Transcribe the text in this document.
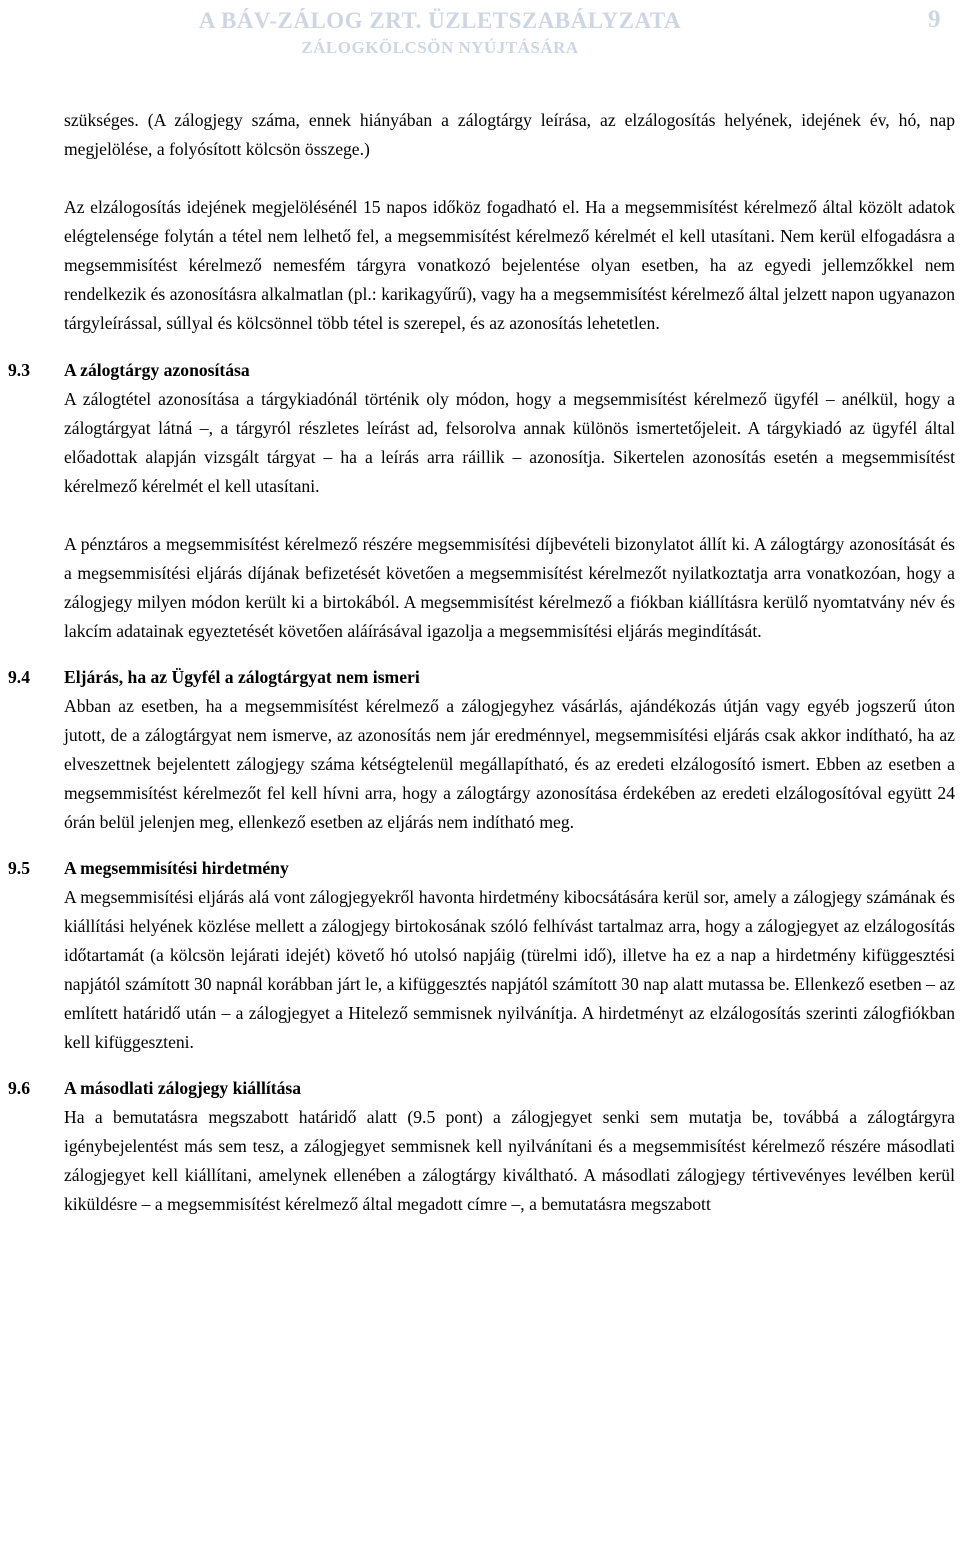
A BÁV-ZÁLOG ZRT. ÜZLETSZABÁLYZATA
ZÁLOGKÖLCSÖN NYÚJTÁSÁRA
9

szükséges. (A zálogjegy száma, ennek hiányában a zálogtárgy leírása, az elzálogosítás helyének, idejének év, hó, nap megjelölése, a folyósított kölcsön összege.)

Az elzálogosítás idejének megjelölésénél 15 napos időköz fogadható el. Ha a megsemmisítést kérelmező által közölt adatok elégtelensége folytán a tétel nem lelhető fel, a megsemmisítést kérelmező kérelmét el kell utasítani. Nem kerül elfogadásra a megsemmisítést kérelmező nemesfém tárgyra vonatkozó bejelentése olyan esetben, ha az egyedi jellemzőkkel nem rendelkezik és azonosításra alkalmatlan (pl.: karikagyűrű), vagy ha a megsemmisítést kérelmező által jelzett napon ugyanazon tárgyleírással, súllyal és kölcsönnel több tétel is szerepel, és az azonosítás lehetetlen.

9.3 A zálogtárgy azonosítása

A zálogtétel azonosítása a tárgykiadónál történik oly módon, hogy a megsemmisítést kérelmező ügyfél – anélkül, hogy a zálogtárgyat látná –, a tárgyról részletes leírást ad, felsorolva annak különös ismertetőjeleit. A tárgykiadó az ügyfél által előadottak alapján vizsgált tárgyat – ha a leírás arra ráillik – azonosítja. Sikertelen azonosítás esetén a megsemmisítést kérelmező kérelmét el kell utasítani.

A pénztáros a megsemmisítést kérelmező részére megsemmisítési díjbevételi bizonylatot állít ki. A zálogtárgy azonosítását és a megsemmisítési eljárás díjának befizetését követően a megsemmisítést kérelmezőt nyilatkoztatja arra vonatkozóan, hogy a zálogjegy milyen módon került ki a birtokából. A megsemmisítést kérelmező a fiókban kiállításra kerülő nyomtatvány név és lakcím adatainak egyeztetését követően aláírásával igazolja a megsemmisítési eljárás megindítását.

9.4 Eljárás, ha az Ügyfél a zálogtárgyat nem ismeri

Abban az esetben, ha a megsemmisítést kérelmező a zálogjegyhez vásárlás, ajándékozás útján vagy egyéb jogszerű úton jutott, de a zálogtárgyat nem ismerve, az azonosítás nem jár eredménnyel, megsemmisítési eljárás csak akkor indítható, ha az elveszettnek bejelentett zálogjegy száma kétségtelenül megállapítható, és az eredeti elzálogosító ismert. Ebben az esetben a megsemmisítést kérelmezőt fel kell hívni arra, hogy a zálogtárgy azonosítása érdekében az eredeti elzálogosítóval együtt 24 órán belül jelenjen meg, ellenkező esetben az eljárás nem indítható meg.

9.5 A megsemmisítési hirdetmény

A megsemmisítési eljárás alá vont zálogjegyekről havonta hirdetmény kibocsátására kerül sor, amely a zálogjegy számának és kiállítási helyének közlése mellett a zálogjegy birtokosának szóló felhívást tartalmaz arra, hogy a zálogjegyet az elzálogosítás időtartamát (a kölcsön lejárati idejét) követő hó utolsó napjáig (türelmi idő), illetve ha ez a nap a hirdetmény kifüggesztési napjától számított 30 napnál korábban járt le, a kifüggesztés napjától számított 30 nap alatt mutassa be. Ellenkező esetben – az említett határidő után – a zálogjegyet a Hitelező semmisnek nyilvánítja. A hirdetményt az elzálogosítás szerinti zálogfiókban kell kifüggeszteni.

9.6 A másodlati zálogjegy kiállítása

Ha a bemutatásra megszabott határidő alatt (9.5 pont) a zálogjegyet senki sem mutatja be, továbbá a zálogtárgyra igénybejelentést más sem tesz, a zálogjegyet semmisnek kell nyilvánítani és a megsemmisítést kérelmező részére másodlati zálogjegyet kell kiállítani, amelynek ellenében a zálogtárgy kiváltható. A másodlati zálogjegy tértivevényes levélben kerül kiküldésre – a megsemmisítést kérelmező által megadott címre –, a bemutatásra megszabott
